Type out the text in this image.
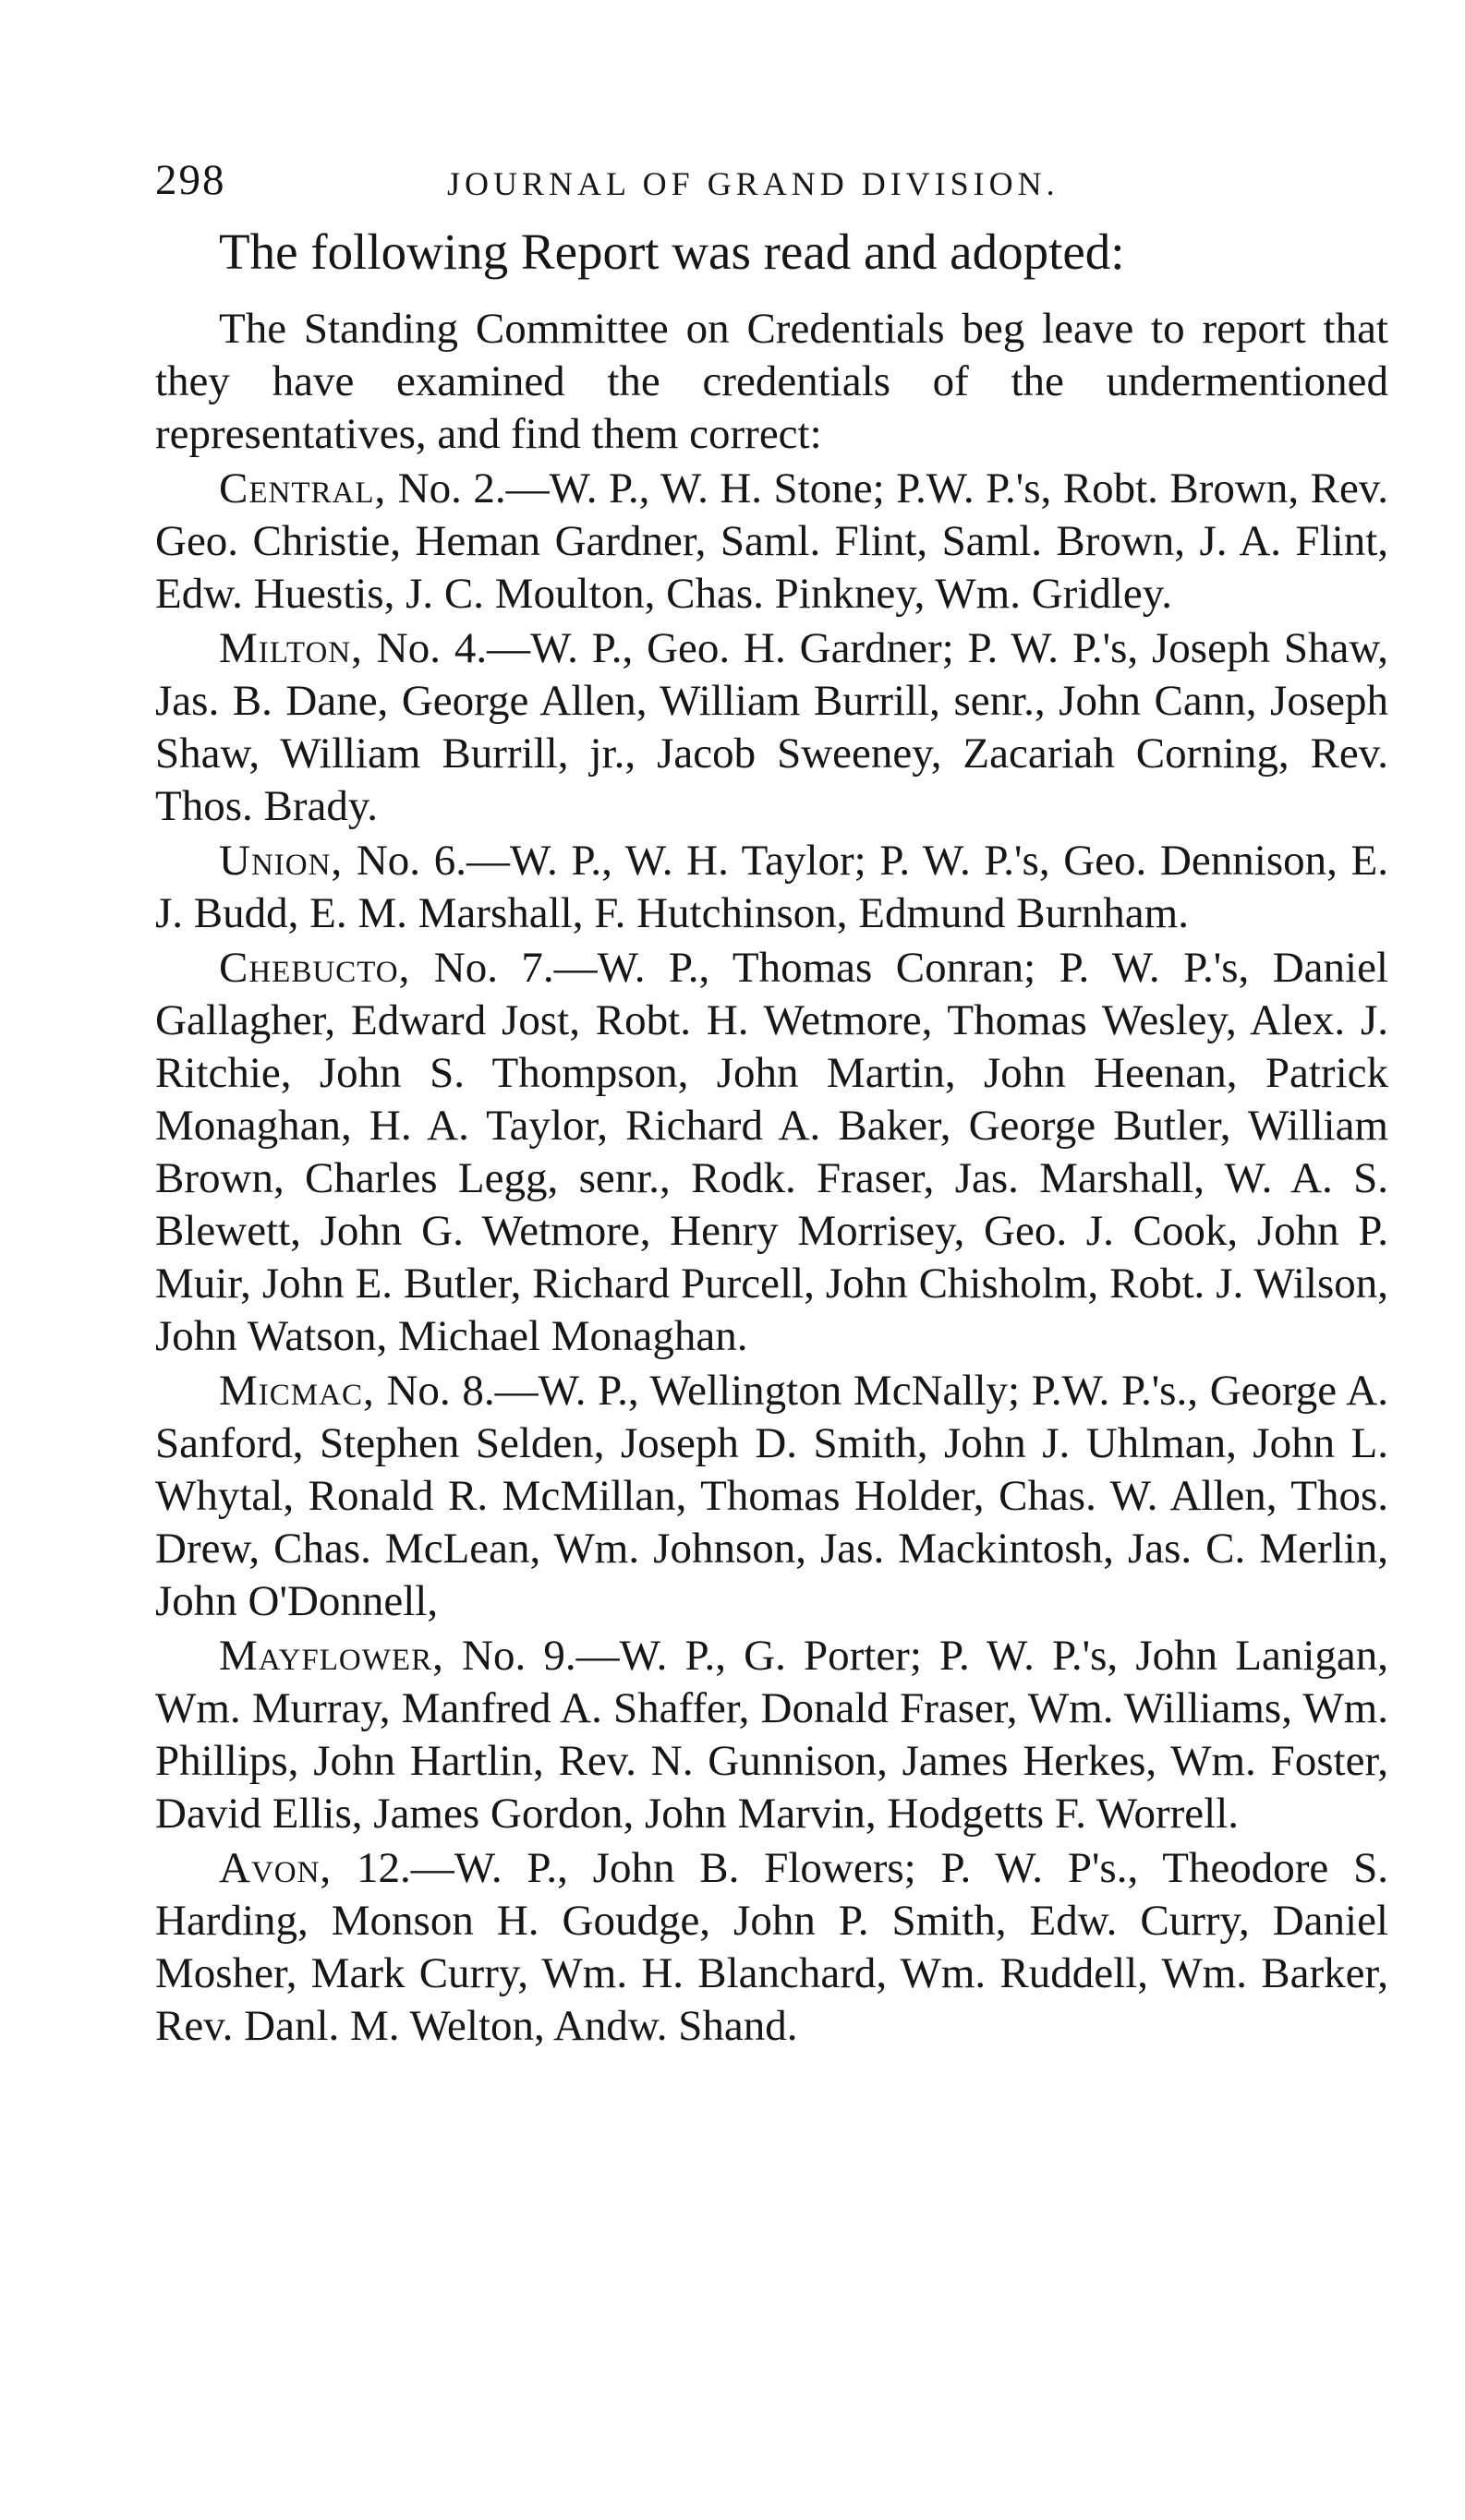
298	JOURNAL OF GRAND DIVISION.

The following Report was read and adopted:

The Standing Committee on Credentials beg leave to report that they have examined the credentials of the undermentioned representatives, and find them correct:

Central, No. 2.—W. P., W. H. Stone; P.W. P.'s, Robt. Brown, Rev. Geo. Christie, Heman Gardner, Saml. Flint, Saml. Brown, J. A. Flint, Edw. Huestis, J. C. Moulton, Chas. Pinkney, Wm. Gridley.

Milton, No. 4.—W. P., Geo. H. Gardner; P. W. P.'s, Joseph Shaw, Jas. B. Dane, George Allen, William Burrill, senr., John Cann, Joseph Shaw, William Burrill, jr., Jacob Sweeney, Zacariah Corning, Rev. Thos. Brady.

Union, No. 6.—W. P., W. H. Taylor; P. W. P.'s, Geo. Dennison, E. J. Budd, E. M. Marshall, F. Hutchinson, Edmund Burnham.

Chebucto, No. 7.—W. P., Thomas Conran; P. W. P.'s, Daniel Gallagher, Edward Jost, Robt. H. Wetmore, Thomas Wesley, Alex. J. Ritchie, John S. Thompson, John Martin, John Heenan, Patrick Monaghan, H. A. Taylor, Richard A. Baker, George Butler, William Brown, Charles Legg, senr., Rodk. Fraser, Jas. Marshall, W. A. S. Blewett, John G. Wetmore, Henry Morrisey, Geo. J. Cook, John P. Muir, John E. Butler, Richard Purcell, John Chisholm, Robt. J. Wilson, John Watson, Michael Monaghan.

Micmac, No. 8.—W. P., Wellington McNally; P.W. P.'s., George A. Sanford, Stephen Selden, Joseph D. Smith, John J. Uhlman, John L. Whytal, Ronald R. McMillan, Thomas Holder, Chas. W. Allen, Thos. Drew, Chas. McLean, Wm. Johnson, Jas. Mackintosh, Jas. C. Merlin, John O'Donnell,

Mayflower, No. 9.—W. P., G. Porter; P. W. P.'s, John Lanigan, Wm. Murray, Manfred A. Shaffer, Donald Fraser, Wm. Williams, Wm. Phillips, John Hartlin, Rev. N. Gunnison, James Herkes, Wm. Foster, David Ellis, James Gordon, John Marvin, Hodgetts F. Worrell.

Avon, 12.—W. P., John B. Flowers; P. W. P's., Theodore S. Harding, Monson H. Goudge, John P. Smith, Edw. Curry, Daniel Mosher, Mark Curry, Wm. H. Blanchard, Wm. Ruddell, Wm. Barker, Rev. Danl. M. Welton, Andw. Shand.
